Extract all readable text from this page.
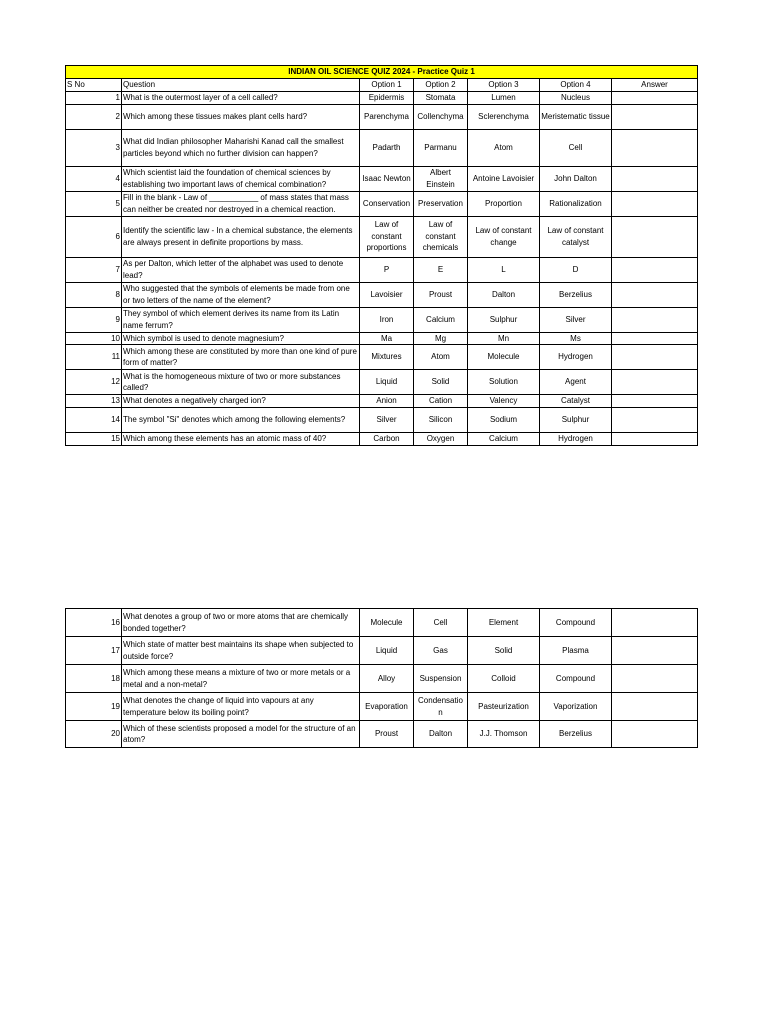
INDIAN OIL SCIENCE QUIZ 2024 - Practice Quiz 1						
S No	Question	Option 1	Option 2	Option 3	Option 4	Answer
1	What is the outermost layer of a cell called?	Epidermis	Stomata	Lumen	Nucleus	
2	Which among these tissues makes plant cells hard?	Parenchyma	Collenchyma	Sclerenchyma	Meristematic tissue	
3	What did Indian philosopher Maharishi Kanad call the smallest particles beyond which no further division can happen?	Padarth	Parmanu	Atom	Cell	
4	Which scientist laid the foundation of chemical sciences by establishing two important laws of chemical combination?	Isaac Newton	Albert Einstein	Antoine Lavoisier	John Dalton	
5	Fill in the blank - Law of ___________ of mass states that mass can neither be created nor destroyed in a chemical reaction.	Conservation	Preservation	Proportion	Rationalization	
6	Identify the scientific law - In a chemical substance, the elements are always present in definite proportions by mass.	Law of constant proportions	Law of constant chemicals	Law of constant change	Law of constant catalyst	
7	As per Dalton, which letter of the alphabet was used to denote lead?	P	E	L	D	
8	Who suggested that the symbols of elements be made from one or two letters of the name of the element?	Lavoisier	Proust	Dalton	Berzelius	
9	They symbol of which element derives its name from its Latin name ferrum?	Iron	Calcium	Sulphur	Silver	
10	Which symbol is used to denote magnesium?	Ma	Mg	Mn	Ms	
11	Which among these are constituted by more than one kind of pure form of matter?	Mixtures	Atom	Molecule	Hydrogen	
12	What is the homogeneous mixture of two or more substances called?	Liquid	Solid	Solution	Agent	
13	What denotes a negatively charged ion?	Anion	Cation	Valency	Catalyst	
14	The symbol "Si" denotes which among the following elements?	Silver	Silicon	Sodium	Sulphur	
15	Which among these elements has an atomic mass of 40?	Carbon	Oxygen	Calcium	Hydrogen	
16	What denotes a group of two or more atoms that are chemically bonded together?	Molecule	Cell	Element	Compound	
17	Which state of matter best maintains its shape when subjected to outside force?	Liquid	Gas	Solid	Plasma	
18	Which among these means a mixture of two or more metals or a metal and a non-metal?	Alloy	Suspension	Colloid	Compound	
19	What denotes the change of liquid into vapours at any temperature below its boiling point?	Evaporation	Condensatio n	Pasteurization	Vaporization	
20	Which of these scientists proposed a model for the structure of an atom?	Proust	Dalton	J.J. Thomson	Berzelius	
